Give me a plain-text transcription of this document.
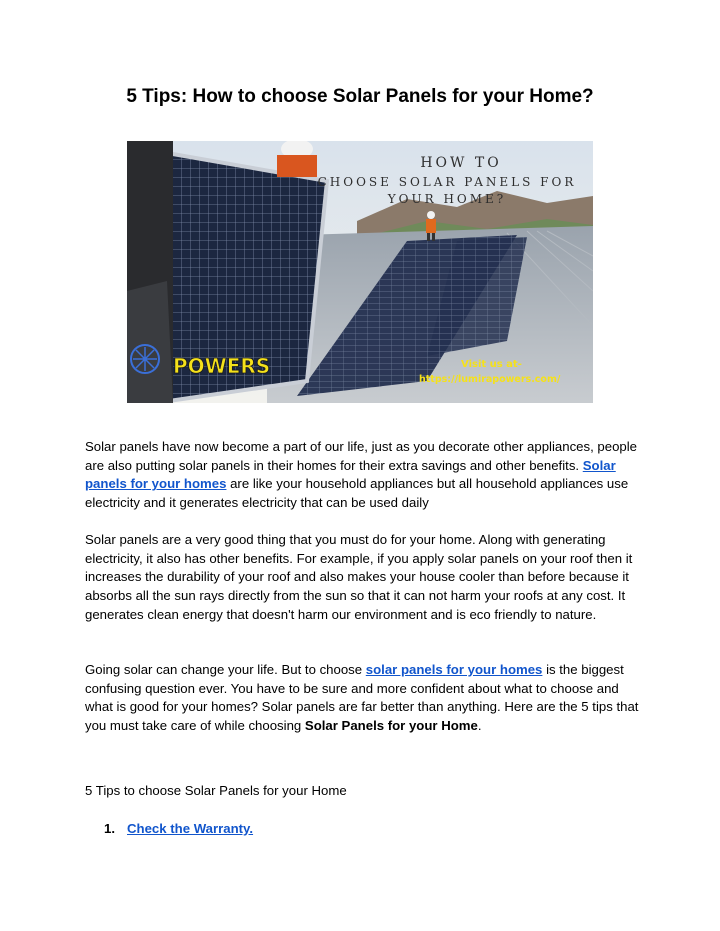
5 Tips: How to choose Solar Panels for your Home?
HOW TO
CHOOSE SOLAR PANELS FOR
YOUR HOME?
POWERS	Visit us at-
https://lumirapowers.com/

Solar panels have now become a part of our life, just as you decorate other appliances, people are also putting solar panels in their homes for their extra savings and other benefits. Solar panels for your homes are like your household appliances but all household appliances use electricity and it generates electricity that can be used daily

Solar panels are a very good thing that you must do for your home. Along with generating electricity, it also has other benefits. For example, if you apply solar panels on your roof then it increases the durability of your roof and also makes your house cooler than before because it absorbs all the sun rays directly from the sun so that it can not harm your roofs at any cost. It generates clean energy that doesn't harm our environment and is eco friendly to nature.

Going solar can change your life. But to choose solar panels for your homes is the biggest confusing question ever. You have to be sure and more confident about what to choose and what is good for your homes? Solar panels are far better than anything. Here are the 5 tips that you must take care of while choosing Solar Panels for your Home.

5 Tips to choose Solar Panels for your Home

1. Check the Warranty.
